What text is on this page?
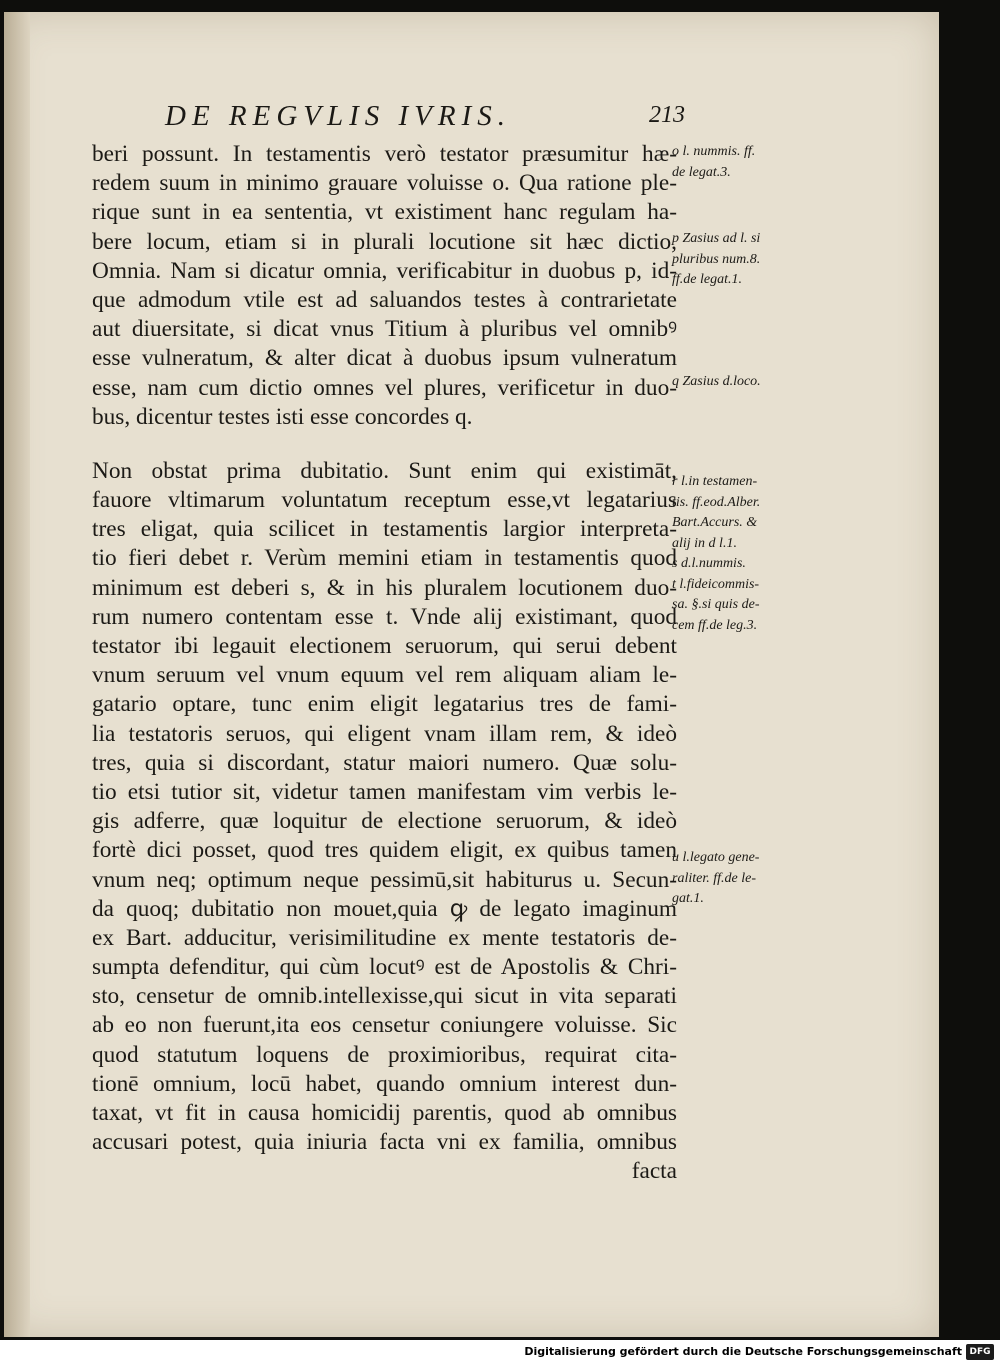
DE REGVLIS IVRIS.	213
beri possunt. In testamentis verò testator præsumitur hæ-
redem suum in minimo grauare voluisse o. Qua ratione ple-
rique sunt in ea sententia, vt existiment hanc regulam ha-
bere locum, etiam si in plurali locutione sit hæc dictio,
Omnia. Nam si dicatur omnia, verificabitur in duobus p, id-
que admodum vtile est ad saluandos testes à contrarietate
aut diuersitate, si dicat vnus Titium à pluribus vel omnibꝰ
esse vulneratum, & alter dicat à duobus ipsum vulneratum
esse, nam cum dictio omnes vel plures, verificetur in duo-
bus, dicentur testes isti esse concordes q.
Non obstat prima dubitatio. Sunt enim qui existimāt,
fauore vltimarum voluntatum receptum esse,vt legatarius
tres eligat, quia scilicet in testamentis largior interpreta-
tio fieri debet r. Verùm memini etiam in testamentis quod
minimum est deberi s, & in his pluralem locutionem duo-
rum numero contentam esse t. Vnde alij existimant, quod
testator ibi legauit electionem seruorum, qui serui debent
vnum seruum vel vnum equum vel rem aliquam aliam le-
gatario optare, tunc enim eligit legatarius tres de fami-
lia testatoris seruos, qui eligent vnam illam rem, & ideò
tres, quia si discordant, statur maiori numero. Quæ solu-
tio etsi tutior sit, videtur tamen manifestam vim verbis le-
gis adferre, quæ loquitur de electione seruorum, & ideò
fortè dici posset, quod tres quidem eligit, ex quibus tamen
vnum neq; optimum neque pessimū,sit habiturus u. Secun-
da quoq; dubitatio non mouet,quia ꝙ de legato imaginum
ex Bart. adducitur, verisimilitudine ex mente testatoris de-
sumpta defenditur, qui cùm locutꝰ est de Apostolis & Chri-
sto, censetur de omnib.intellexisse,qui sicut in vita separati
ab eo non fuerunt,ita eos censetur coniungere voluisse. Sic
quod statutum loquens de proximioribus, requirat cita-
tionē omnium, locū habet, quando omnium interest dun-
taxat, vt fit in causa homicidij parentis, quod ab omnibus
accusari potest, quia iniuria facta vni ex familia, omnibus
facta
o l. nummis. ff.
de legat.3.
p Zasius ad l. si
pluribus num.8.
ff.de legat.1.
q Zasius d.loco.
r l.in testamen-
tis. ff.eod.Alber.
Bart.Accurs. &
alij in d l.1.
s d.l.nummis.
t l.fideicommis-
sa. §.si quis de-
cem ff.de leg.3.
u l.legato gene-
raliter. ff.de le-
gat.1.
Digitalisierung gefördert durch die Deutsche Forschungsgemeinschaft DFG
